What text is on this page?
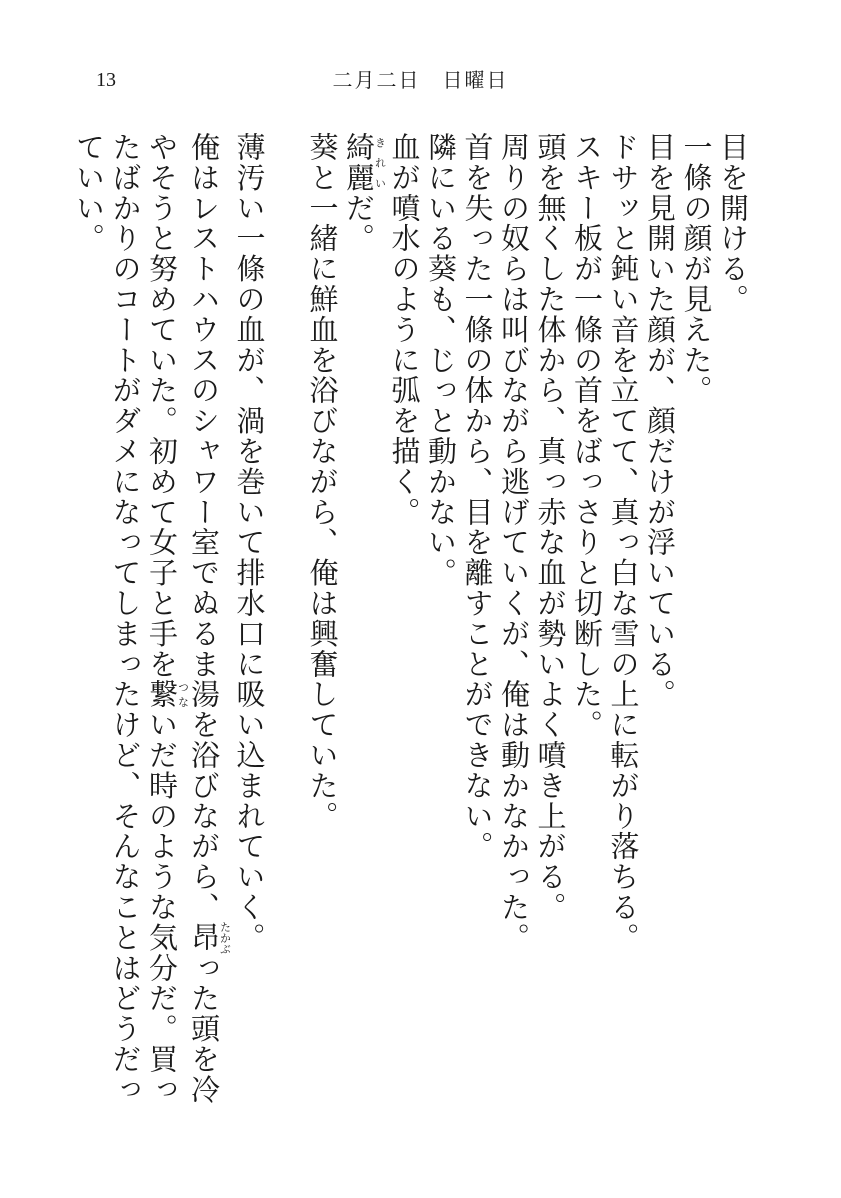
13	二月二日　日曜日

目を開ける。

一條の顔が見えた。

目を見開いた顔が、顔だけが浮いている。

ドサッと鈍い音を立てて、真っ白な雪の上に転がり落ちる。

スキー板が一條の首をばっさりと切断した。

頭を無くした体から、真っ赤な血が勢いよく噴き上がる。

周りの奴らは叫びながら逃げていくが、俺は動かなかった。

首を失った一條の体から、目を離すことができない。

隣にいる葵も、じっと動かない。

血が噴水のように弧を描く。

綺麗きれいだ。

葵と一緒に鮮血を浴びながら、俺は興奮していた。

薄汚い一條の血が、渦を巻いて排水口に吸い込まれていく。

俺はレストハウスのシャワー室でぬるま湯を浴びながら、昂たかぶった頭を冷やそうと努めていた。初めて女子と手を繋つないだ時のような気分だ。買ったばかりのコートがダメになってしまったけど、そんなことはどうだっていい。
